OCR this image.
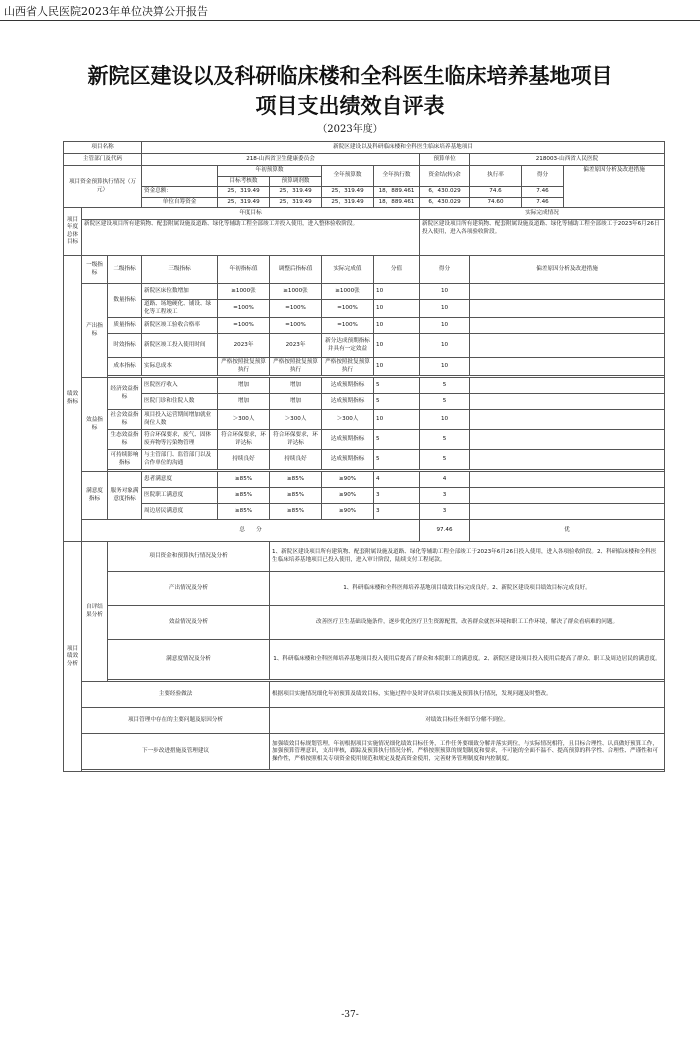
山西省人民医院2023年单位决算公开报告
新院区建设以及科研临床楼和全科医生临床培养基地项目
项目支出绩效自评表
（2023年度）
项目名称			新院区建设以及科研临床楼和全科医生临床培养基地项目								
主管部门及代码			218-山西省卫生健康委员会					预算单位	218003-山西省人民医院		
项目资金预算执行情况（万元）				年初预算数		全年预算数	全年执行数	资金结(转)余	执行率	得分	偏差原因分析及改进措施
				目标考核数	预算调剂数						
			资金总额：	25，319.49	25，319.49	25，319.49	18，889.461	6，430.029	74.6	7.46	
			单位自筹资金	25，319.49	25，319.49	25，319.49	18，889.461	6，430.029	74.60	7.46	
项目年度总体目标	年度目标							实际完成情况			
	新院区建设项目所有建筑物、配套附属设施及道路、绿化等辅助工程全部竣工并投入使用，进入整体验收阶段。							新院区建设项目所有建筑物、配套附属设施及道路、绿化等辅助工程全部竣工于2023年6月26日投入使用，进入各项验收阶段。			
绩效指标	一级指标	二级指标	三级指标	年初指标值	调整后指标值	实际完成值	分值	得分	偏差原因分析及改进措施		
	产出指标	数量指标	新院区床位数增加	≥1000张	≥1000张	≥1000张	10	10			
			道路、场地硬化、铺设、绿化等工程竣工	=100%	=100%	=100%	10	10			
		质量指标	新院区竣工验收合格率	=100%	=100%	=100%	10	10			
		时效指标	新院区竣工投入使用时间	2023年	2023年	新分达成预期指标并具有一定效益	10	10			
		成本指标	实际总成本	严格按照批复预算执行	严格按照批复预算执行	严格按照批复预算执行	10	10			

	效益指标	经济效益指标	医院医疗收入	增加	增加	达成预期指标	5	5			
			医院门诊和住院人数	增加	增加	达成预期指标	5	5			
		社会效益指标	项目投入运营期间增加就业岗位人数	＞300人	＞300人	＞300人	10	10			
		生态效益指标	符合环保要求，废气、固体废弃物等污染物管理	符合环保要求，环评达标	符合环保要求，环评达标	达成预期指标	5	5			
		可持续影响指标	与主管部门、监管部门以及合作单位的沟通	持续良好	持续良好	达成预期指标	5	5			

	满意度指标	服务对象满意度指标	患者满意度	≥85%	≥85%	≥90%	4	4			
			医院职工满意度	≥85%	≥85%	≥90%	3	3			
			周边居民满意度	≥85%	≥85%	≥90%	3	3			
	总　　分							97.46	优		
项目绩效分析	自评结果分析	项目资金和预算执行情况及分析			1、新院区建设项目所有建筑物、配套附属设施及道路、绿化等辅助工程全部竣工于2023年6月26日投入使用，进入各项验收阶段。2、科研临床楼和全科医生临床培养基地项目已投入使用，进入审计阶段，陆续支付工程尾款。						
		产出情况及分析			1、科研临床楼和全科医师培养基地项目绩效目标完成良好。2、新院区建设项目绩效目标完成良好。						
		效益情况及分析			改善医疗卫生基础设施条件，逐步优化医疗卫生资源配置，改善群众就医环境和职工工作环境，解决了群众看病难的问题。						
		满意度情况及分析			1、科研临床楼和全科医师培养基地项目投入使用后提高了群众和本院职工的满意度。2、新院区建设项目投入使用后提高了群众、职工及周边居民的满意度。						

	主要经验做法				根据项目实施情况细化年初预算及绩效目标，实施过程中及时评估项目实施及预算执行情况，发现问题及时整改。						
	项目管理中存在的主要问题及原因分析				对绩效目标任务细节分解不到位。						
	下一步改进措施及管理建议				加强绩效目标规划管理，年初根据项目实施情况细化绩效目标任务，工作任务要细致分解并落实到位，与实际情况相符，且目标合理性、认真做好预算工作，加强预算管理意识，支出审核，跟踪及预算执行情况分析，严格按照预算的规划制度和要求，不可能的全面不温不、提高预算的科学性、合理性、严谨性和可操作性，严格按照相关专项资金使用规范和规定及提高资金使用，完善财务管理制度和内控制度。						

-37-
